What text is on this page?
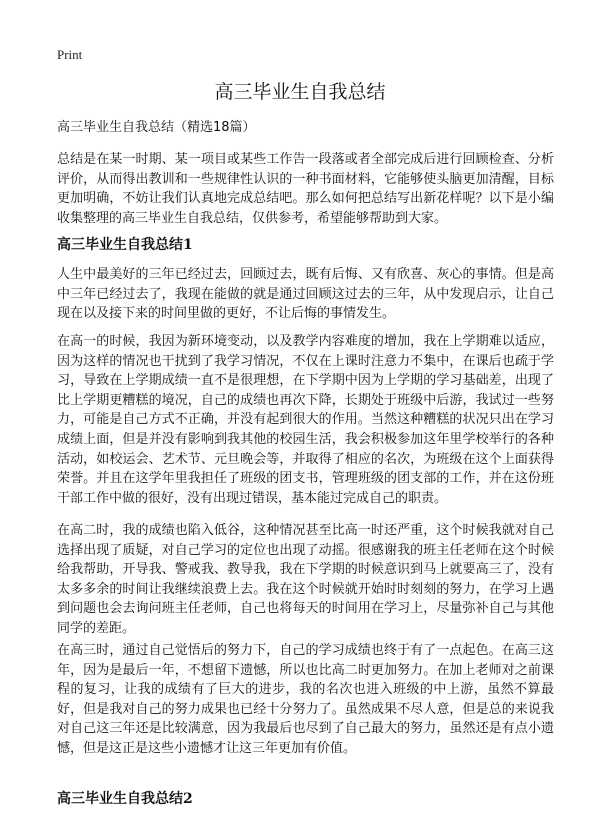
Print
高三毕业生自我总结
高三毕业生自我总结（精选18篇）

总结是在某一时期、某一项目或某些工作告一段落或者全部完成后进行回顾检查、分析评价，从而得出教训和一些规律性认识的一种书面材料，它能够使头脑更加清醒，目标更加明确，不妨让我们认真地完成总结吧。那么如何把总结写出新花样呢？以下是小编收集整理的高三毕业生自我总结，仅供参考，希望能够帮助到大家。

高三毕业生自我总结1

人生中最美好的三年已经过去，回顾过去，既有后悔、又有欣喜、灰心的事情。但是高中三年已经过去了，我现在能做的就是通过回顾这过去的三年，从中发现启示，让自己现在以及接下来的时间里做的更好，不让后悔的事情发生。

在高一的时候，我因为新环境变动，以及教学内容难度的增加，我在上学期难以适应，因为这样的情况也干扰到了我学习情况，不仅在上课时注意力不集中，在课后也疏于学习，导致在上学期成绩一直不是很理想，在下学期中因为上学期的学习基础差，出现了比上学期更糟糕的境况，自己的成绩也再次下降，长期处于班级中后游，我试过一些努力，可能是自己方式不正确，并没有起到很大的作用。当然这种糟糕的状况只出在学习成绩上面，但是并没有影响到我其他的校园生活，我会积极参加这年里学校举行的各种活动，如校运会、艺术节、元旦晚会等，并取得了相应的名次，为班级在这个上面获得荣誉。并且在这学年里我担任了班级的团支书，管理班级的团支部的工作，并在这份班干部工作中做的很好，没有出现过错误，基本能过完成自己的职责。

在高二时，我的成绩也陷入低谷，这种情况甚至比高一时还严重，这个时候我就对自己选择出现了质疑，对自己学习的定位也出现了动摇。很感谢我的班主任老师在这个时候给我帮助，开导我、警戒我、教导我，我在下学期的时候意识到马上就要高三了，没有太多多余的时间让我继续浪费上去。我在这个时候就开始时时刻刻的努力，在学习上遇到问题也会去询问班主任老师，自己也将每天的时间用在学习上，尽量弥补自己与其他同学的差距。

在高三时，通过自己觉悟后的努力下，自己的学习成绩也终于有了一点起色。在高三这年，因为是最后一年，不想留下遗憾，所以也比高二时更加努力。在加上老师对之前课程的复习，让我的成绩有了巨大的进步，我的名次也进入班级的中上游，虽然不算最好，但是我对自己的努力成果也已经十分努力了。虽然成果不尽人意，但是总的来说我对自己这三年还是比较满意，因为我最后也尽到了自己最大的努力，虽然还是有点小遗憾，但是这正是这些小遗憾才让这三年更加有价值。

高三毕业生自我总结2
